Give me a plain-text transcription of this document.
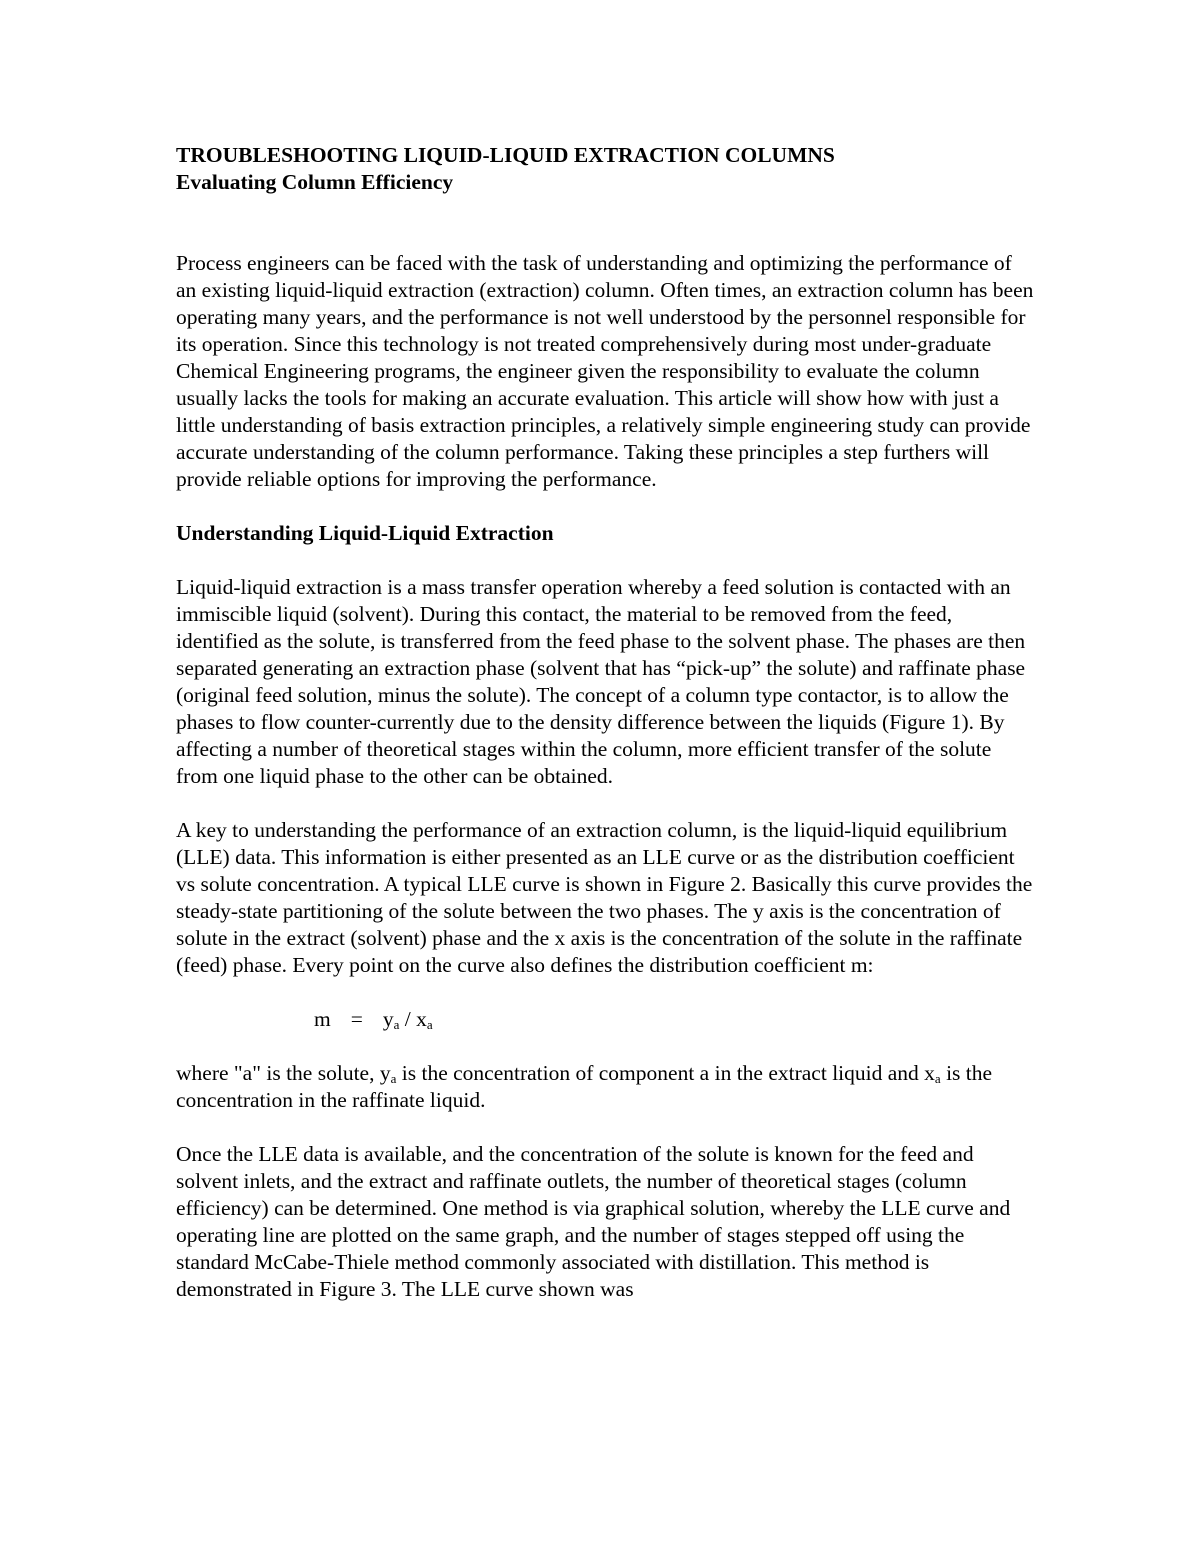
TROUBLESHOOTING LIQUID-LIQUID EXTRACTION COLUMNS
Evaluating Column Efficiency

Process engineers can be faced with the task of understanding and optimizing the performance of an existing liquid-liquid extraction (extraction) column. Often times, an extraction column has been operating many years, and the performance is not well understood by the personnel responsible for its operation. Since this technology is not treated comprehensively during most under-graduate Chemical Engineering programs, the engineer given the responsibility to evaluate the column usually lacks the tools for making an accurate evaluation. This article will show how with just a little understanding of basis extraction principles, a relatively simple engineering study can provide accurate understanding of the column performance. Taking these principles a step furthers will provide reliable options for improving the performance.

Understanding Liquid-Liquid Extraction

Liquid-liquid extraction is a mass transfer operation whereby a feed solution is contacted with an immiscible liquid (solvent). During this contact, the material to be removed from the feed, identified as the solute, is transferred from the feed phase to the solvent phase. The phases are then separated generating an extraction phase (solvent that has “pick-up” the solute) and raffinate phase (original feed solution, minus the solute). The concept of a column type contactor, is to allow the phases to flow counter-currently due to the density difference between the liquids (Figure 1). By affecting a number of theoretical stages within the column, more efficient transfer of the solute from one liquid phase to the other can be obtained.

A key to understanding the performance of an extraction column, is the liquid-liquid equilibrium (LLE) data. This information is either presented as an LLE curve or as the distribution coefficient vs solute concentration. A typical LLE curve is shown in Figure 2. Basically this curve provides the steady-state partitioning of the solute between the two phases. The y axis is the concentration of solute in the extract (solvent) phase and the x axis is the concentration of the solute in the raffinate (feed) phase. Every point on the curve also defines the distribution coefficient m:

$m = y_a / x_a$

where "a" is the solute, $y_a$ is the concentration of component a in the extract liquid and $x_a$ is the concentration in the raffinate liquid.

Once the LLE data is available, and the concentration of the solute is known for the feed and solvent inlets, and the extract and raffinate outlets, the number of theoretical stages (column efficiency) can be determined. One method is via graphical solution, whereby the LLE curve and operating line are plotted on the same graph, and the number of stages stepped off using the standard McCabe-Thiele method commonly associated with distillation. This method is demonstrated in Figure 3. The LLE curve shown was
